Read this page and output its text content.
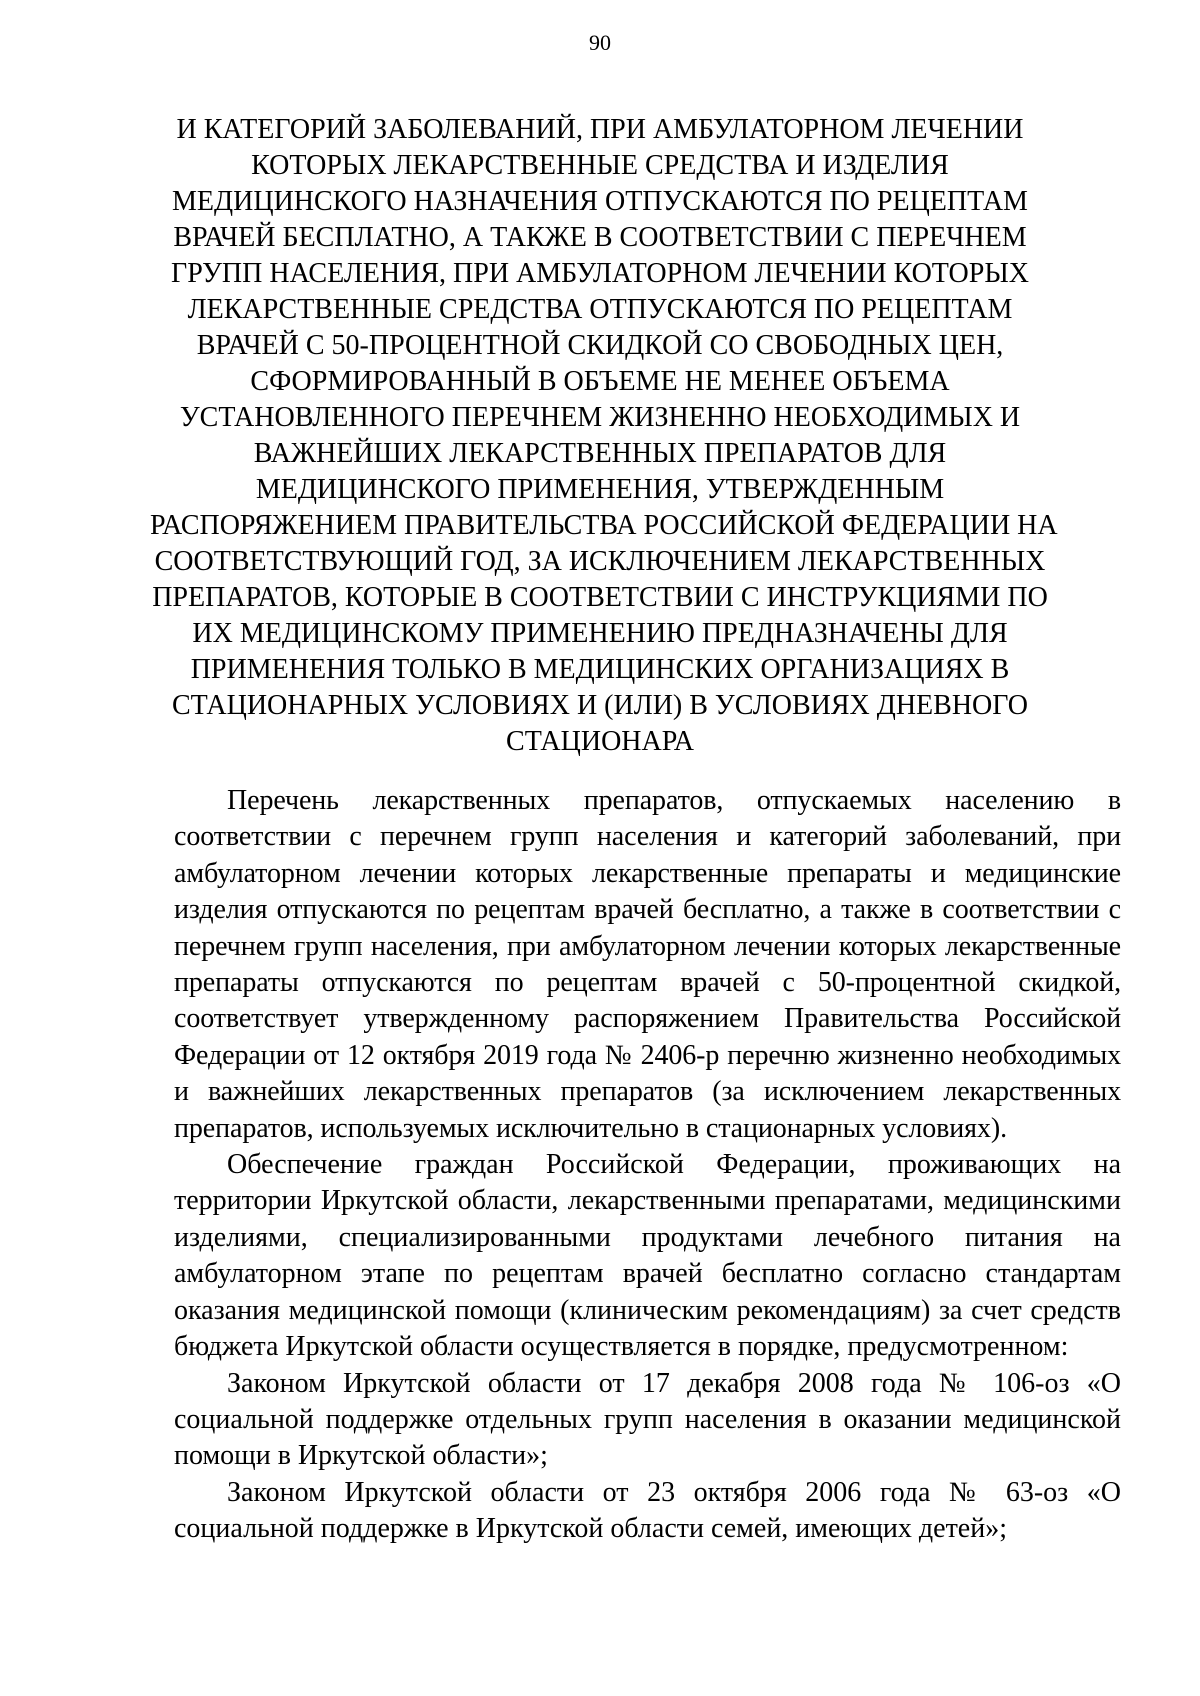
90
И КАТЕГОРИЙ ЗАБОЛЕВАНИЙ, ПРИ АМБУЛАТОРНОМ ЛЕЧЕНИИ
КОТОРЫХ ЛЕКАРСТВЕННЫЕ СРЕДСТВА И ИЗДЕЛИЯ
МЕДИЦИНСКОГО НАЗНАЧЕНИЯ ОТПУСКАЮТСЯ ПО РЕЦЕПТАМ
ВРАЧЕЙ БЕСПЛАТНО, А ТАКЖЕ В СООТВЕТСТВИИ С ПЕРЕЧНЕМ
ГРУПП НАСЕЛЕНИЯ, ПРИ АМБУЛАТОРНОМ ЛЕЧЕНИИ КОТОРЫХ
ЛЕКАРСТВЕННЫЕ СРЕДСТВА ОТПУСКАЮТСЯ ПО РЕЦЕПТАМ
ВРАЧЕЙ С 50-ПРОЦЕНТНОЙ СКИДКОЙ СО СВОБОДНЫХ ЦЕН,
СФОРМИРОВАННЫЙ В ОБЪЕМЕ НЕ МЕНЕЕ ОБЪЕМА
УСТАНОВЛЕННОГО ПЕРЕЧНЕМ ЖИЗНЕННО НЕОБХОДИМЫХ И
ВАЖНЕЙШИХ ЛЕКАРСТВЕННЫХ ПРЕПАРАТОВ ДЛЯ
МЕДИЦИНСКОГО ПРИМЕНЕНИЯ, УТВЕРЖДЕННЫМ
РАСПОРЯЖЕНИЕМ ПРАВИТЕЛЬСТВА РОССИЙСКОЙ ФЕДЕРАЦИИ НА
СООТВЕТСТВУЮЩИЙ ГОД, ЗА ИСКЛЮЧЕНИЕМ ЛЕКАРСТВЕННЫХ
ПРЕПАРАТОВ, КОТОРЫЕ В СООТВЕТСТВИИ С ИНСТРУКЦИЯМИ ПО
ИХ МЕДИЦИНСКОМУ ПРИМЕНЕНИЮ ПРЕДНАЗНАЧЕНЫ ДЛЯ
ПРИМЕНЕНИЯ ТОЛЬКО В МЕДИЦИНСКИХ ОРГАНИЗАЦИЯХ В
СТАЦИОНАРНЫХ УСЛОВИЯХ И (ИЛИ) В УСЛОВИЯХ ДНЕВНОГО
СТАЦИОНАРА

Перечень лекарственных препаратов, отпускаемых населению в соответствии с перечнем групп населения и категорий заболеваний, при амбулаторном лечении которых лекарственные препараты и медицинские изделия отпускаются по рецептам врачей бесплатно, а также в соответствии с перечнем групп населения, при амбулаторном лечении которых лекарственные препараты отпускаются по рецептам врачей с 50-процентной скидкой, соответствует утвержденному распоряжением Правительства Российской Федерации от 12 октября 2019 года № 2406-р перечню жизненно необходимых и важнейших лекарственных препаратов (за исключением лекарственных препаратов, используемых исключительно в стационарных условиях).

Обеспечение граждан Российской Федерации, проживающих на территории Иркутской области, лекарственными препаратами, медицинскими изделиями, специализированными продуктами лечебного питания на амбулаторном этапе по рецептам врачей бесплатно согласно стандартам оказания медицинской помощи (клиническим рекомендациям) за счет средств бюджета Иркутской области осуществляется в порядке, предусмотренном:

Законом Иркутской области от 17 декабря 2008 года № 106-оз «О социальной поддержке отдельных групп населения в оказании медицинской помощи в Иркутской области»;

Законом Иркутской области от 23 октября 2006 года № 63-оз «О социальной поддержке в Иркутской области семей, имеющих детей»;
